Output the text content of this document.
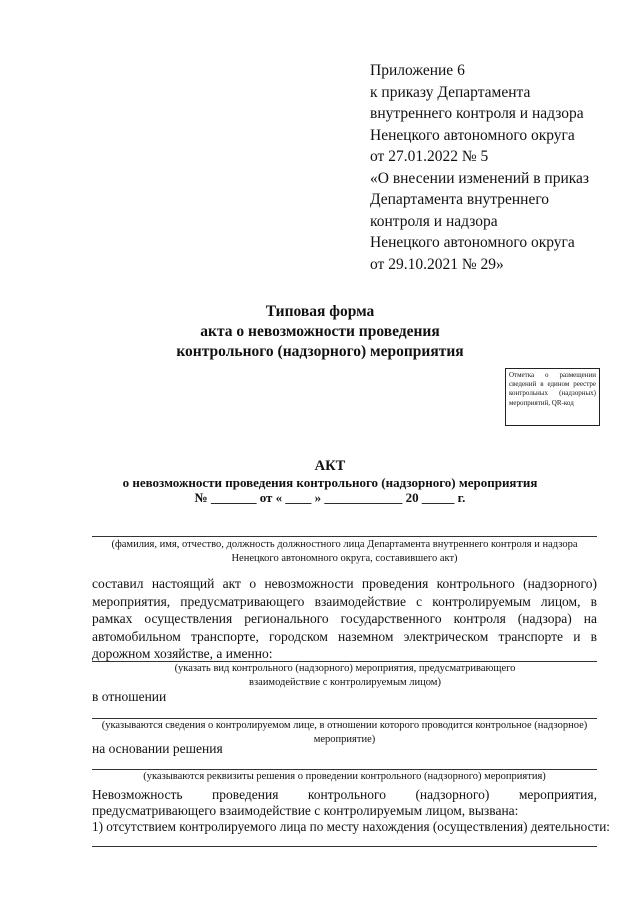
Приложение 6
к приказу Департамента
внутреннего контроля и надзора
Ненецкого автономного округа
от 27.01.2022 № 5
«О внесении изменений в приказ
Департамента внутреннего
контроля и надзора
Ненецкого автономного округа
от 29.10.2021 № 29»
Типовая форма
акта о невозможности проведения
контрольного (надзорного) мероприятия
Отметка о размещении сведений в едином реестре контрольных (надзорных) мероприятий, QR-код
АКТ
о невозможности проведения контрольного (надзорного) мероприятия
№ _______ от « ____ » ____________ 20 _____ г.
(фамилия, имя, отчество, должность должностного лица Департамента внутреннего контроля и надзора Ненецкого автономного округа, составившего акт)
составил настоящий акт о невозможности проведения контрольного (надзорного) мероприятия, предусматривающего взаимодействие с контролируемым лицом, в рамках осуществления регионального государственного контроля (надзора) на автомобильном транспорте, городском наземном электрическом транспорте и в дорожном хозяйстве, а именно:
(указать вид контрольного (надзорного) мероприятия, предусматривающего взаимодействие с контролируемым лицом)
в отношении
(указываются сведения о контролируемом лице, в отношении которого проводится контрольное (надзорное) мероприятие)
на основании решения
(указываются реквизиты решения о проведении контрольного (надзорного) мероприятия)
Невозможность проведения контрольного (надзорного) мероприятия,
предусматривающего взаимодействие с контролируемым лицом, вызвана:
1) отсутствием контролируемого лица по месту нахождения (осуществления) деятельности:
